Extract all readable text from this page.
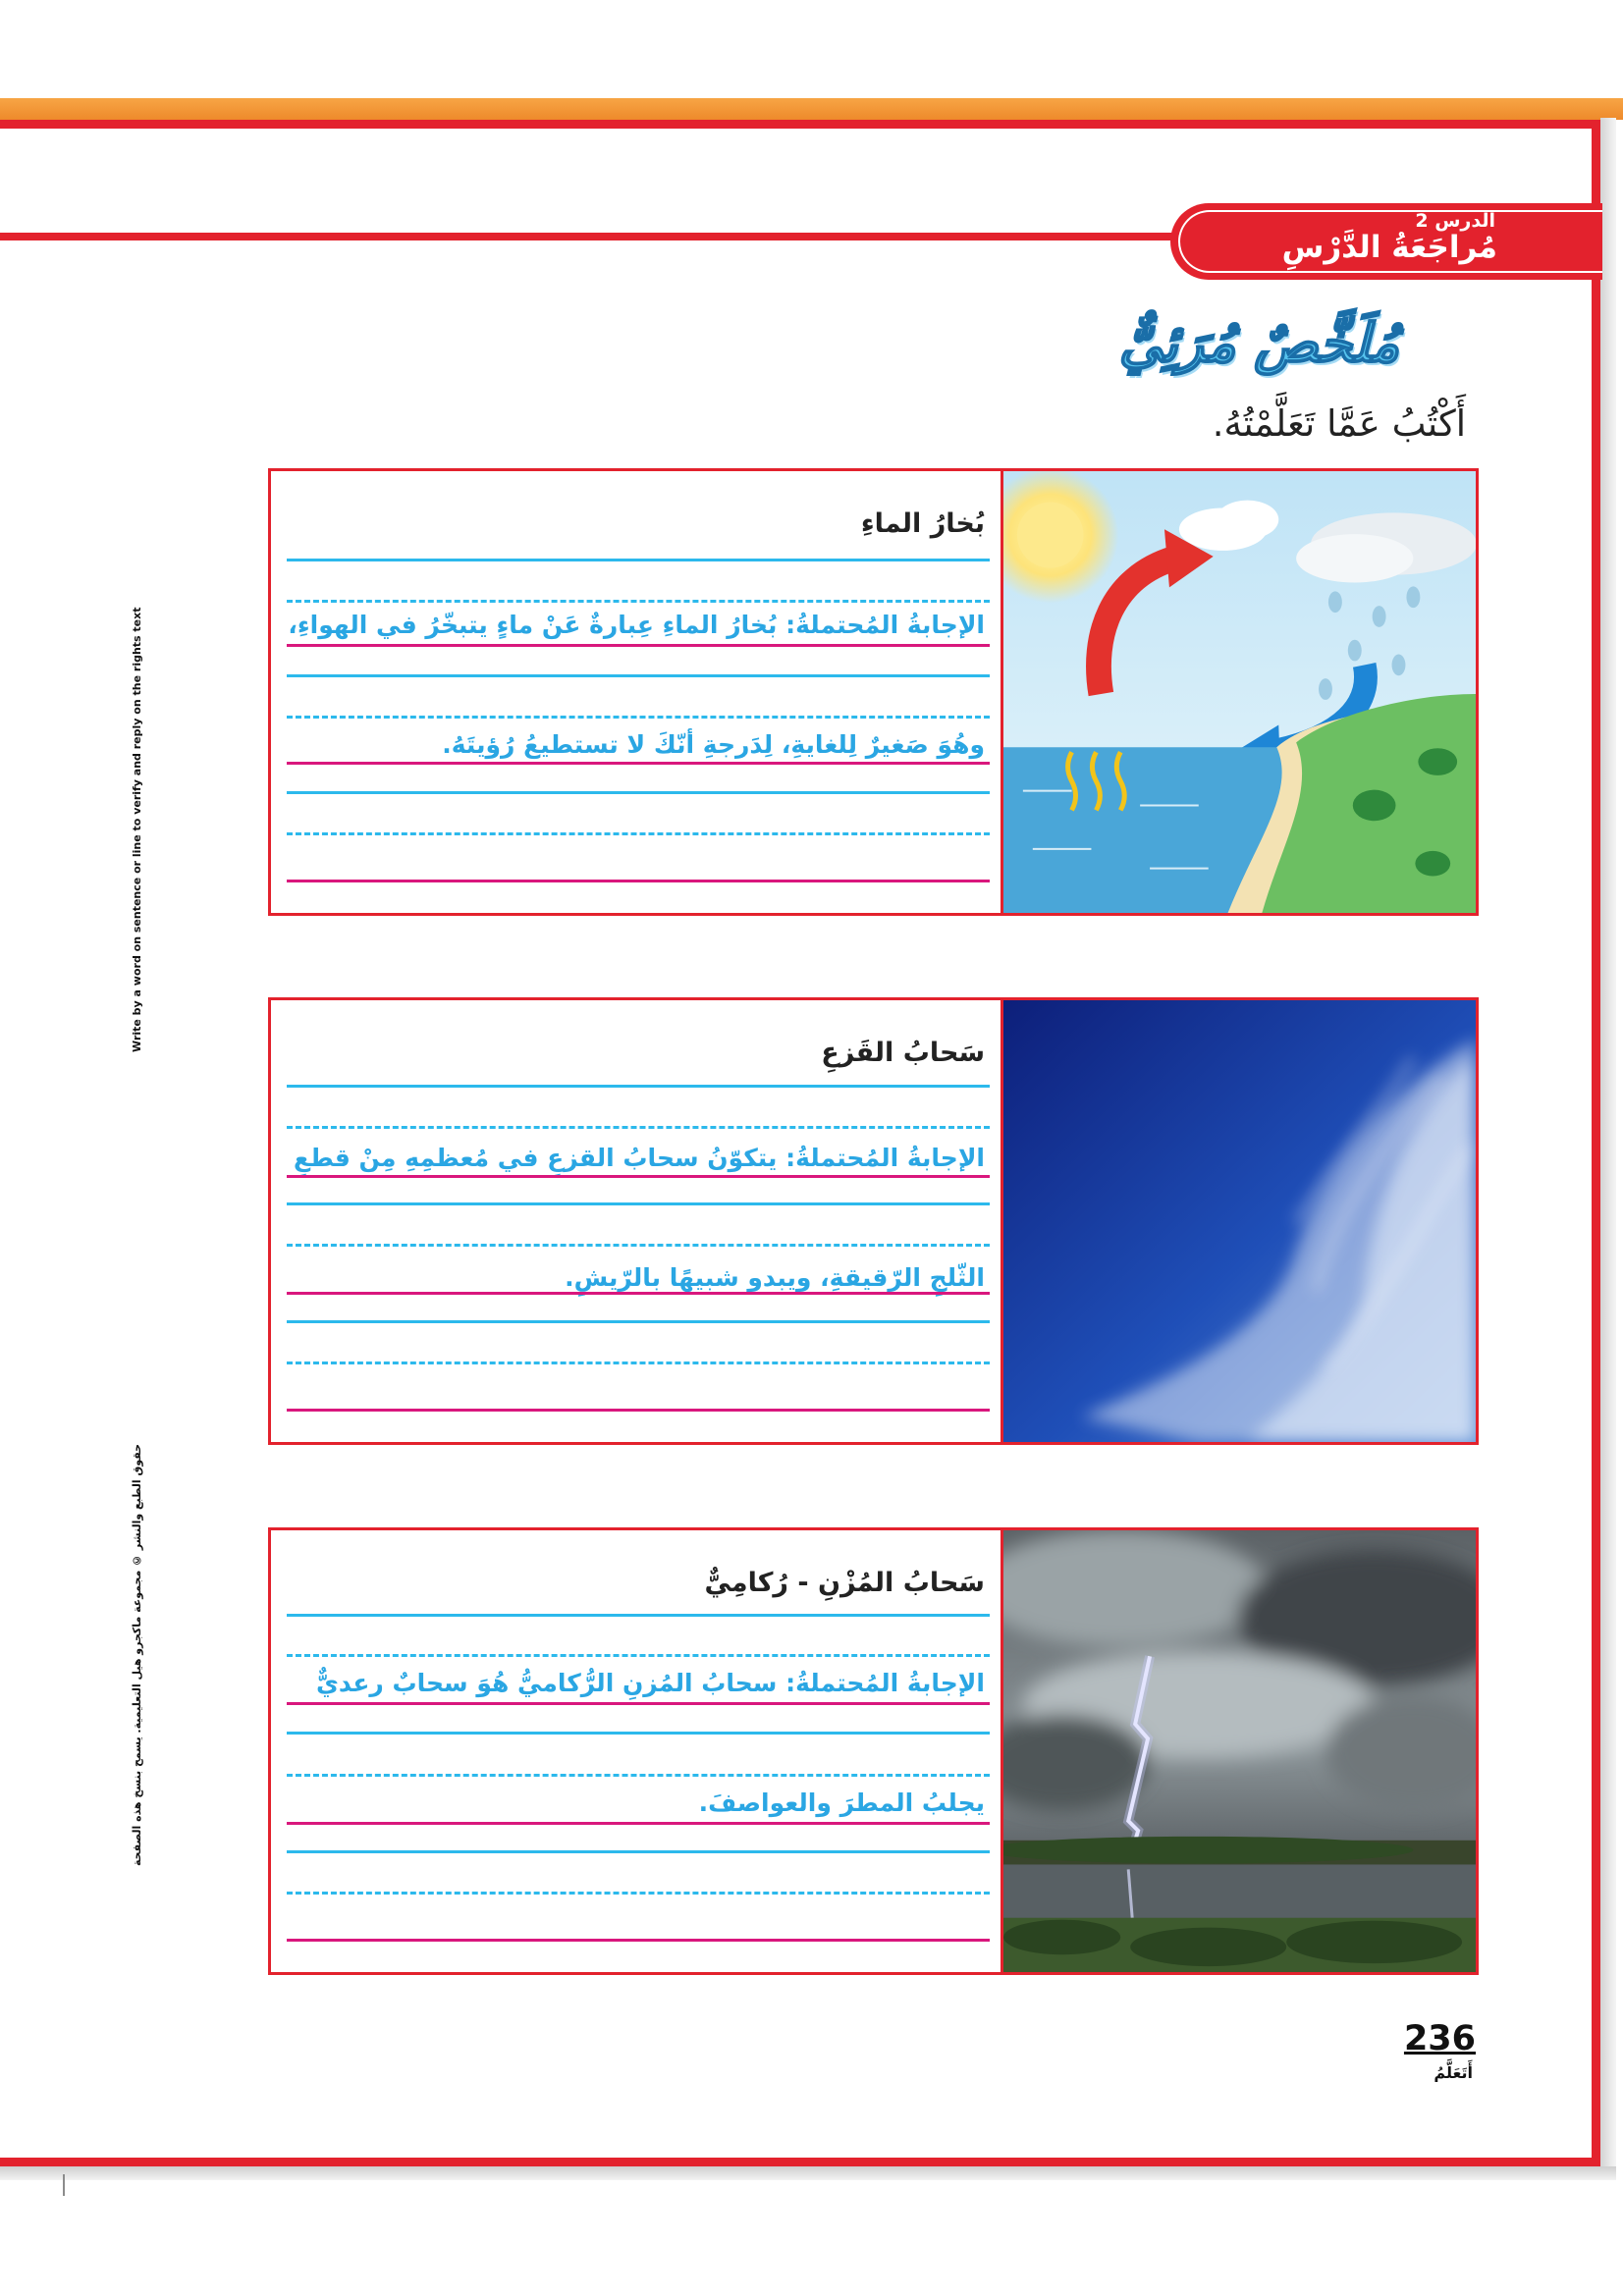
الدرس 2
مُراجَعَةُ الدَّرْسِ
مُلَخَّصٌ مُرَئِيٌّ
أَكْتُبُ عَمَّا تَعَلَّمْتُهُ.
Write by a word on sentence or line to verify and reply on the rights text
حقوق الطبع والنشر © مجموعة ماكجرو هيل التعليمية. يسمح بنسخ هذه الصفحة
بُخارُ الماءِ
الإجابةُ المُحتملةُ: بُخارُ الماءِ عِبارةٌ عَنْ ماءٍ يتبخّرُ في الهواءِ،
وهُوَ صَغيرٌ لِلغايةِ، لِدَرجةِ أنّكَ لا تستطيعُ رُؤيتَهُ.
سَحابُ القَزعِ
الإجابةُ المُحتملةُ: يتكوّنُ سحابُ القزعِ في مُعظمِهِ مِنْ قطعِ
الثّلجِ الرّقيقةِ، ويبدو شبيهًا بالرّيشِ.
سَحابُ المُزْنِ - رُكامِيٌّ
الإجابةُ المُحتملةُ: سحابُ المُزنِ الرُّكاميُّ هُوَ سحابٌ رعديٌّ
يجلبُ المطرَ والعواصفَ.
236
أَتَعَلَّمُ
